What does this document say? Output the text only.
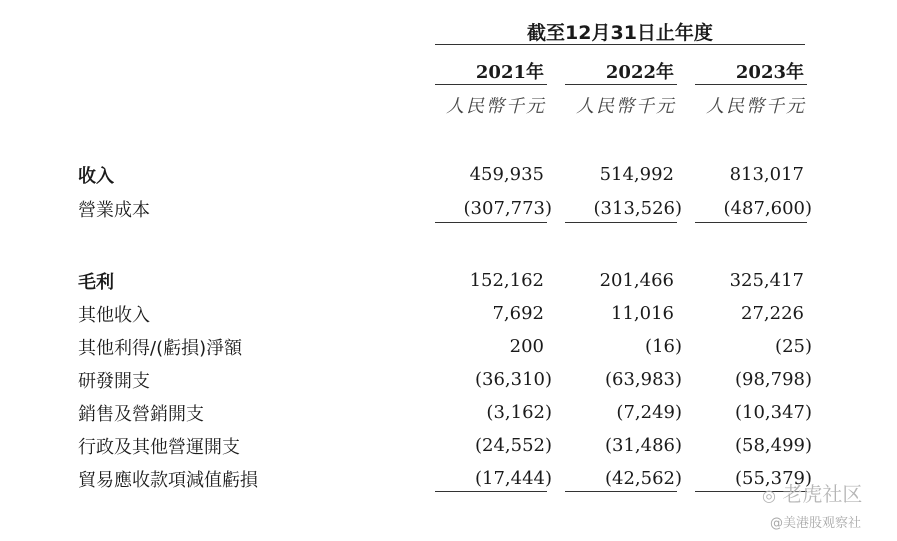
截至12月31日止年度
2021年	2022年	2023年
人民幣千元	人民幣千元	人民幣千元
收入	459,935	514,992	813,017
營業成本	(307,773)	(313,526)	(487,600)
毛利	152,162	201,466	325,417
其他收入	7,692	11,016	27,226
其他利得/(虧損)淨額	200	(16)	(25)
研發開支	(36,310)	(63,983)	(98,798)
銷售及營銷開支	(3,162)	(7,249)	(10,347)
行政及其他營運開支	(24,552)	(31,486)	(58,499)
貿易應收款項減值虧損	(17,444)	(42,562)	(55,379)
◎ 老虎社区
@美港股观察社
